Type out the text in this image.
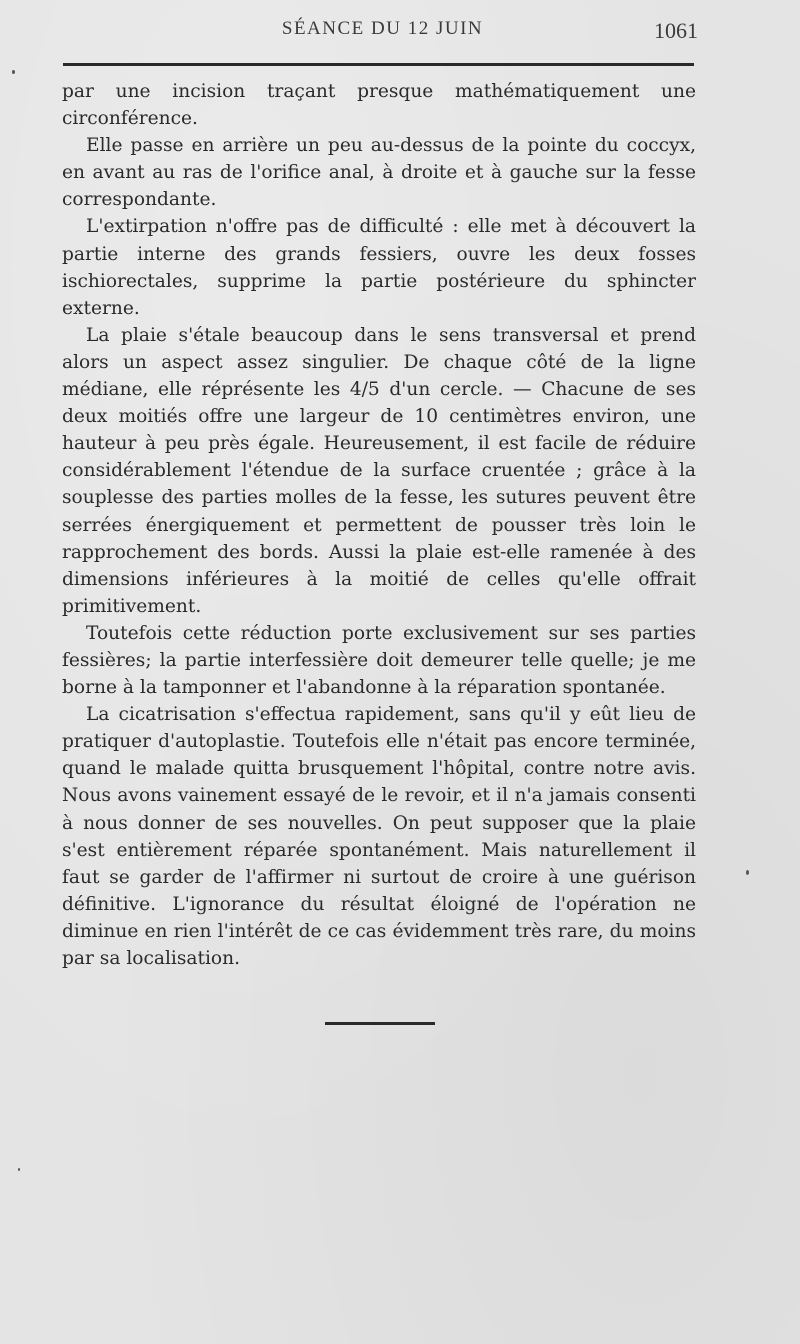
SÉANCE DU 12 JUIN	1061

par une incision traçant presque mathématiquement une circonférence.

Elle passe en arrière un peu au-dessus de la pointe du coccyx, en avant au ras de l'orifice anal, à droite et à gauche sur la fesse correspondante.

L'extirpation n'offre pas de difficulté : elle met à découvert la partie interne des grands fessiers, ouvre les deux fosses ischiorectales, supprime la partie postérieure du sphincter externe.

La plaie s'étale beaucoup dans le sens transversal et prend alors un aspect assez singulier. De chaque côté de la ligne médiane, elle réprésente les 4/5 d'un cercle. — Chacune de ses deux moitiés offre une largeur de 10 centimètres environ, une hauteur à peu près égale. Heureusement, il est facile de réduire considérablement l'étendue de la surface cruentée ; grâce à la souplesse des parties molles de la fesse, les sutures peuvent être serrées énergiquement et permettent de pousser très loin le rapprochement des bords. Aussi la plaie est-elle ramenée à des dimensions inférieures à la moitié de celles qu'elle offrait primitivement.

Toutefois cette réduction porte exclusivement sur ses parties fessières; la partie interfessière doit demeurer telle quelle; je me borne à la tamponner et l'abandonne à la réparation spontanée.

La cicatrisation s'effectua rapidement, sans qu'il y eût lieu de pratiquer d'autoplastie. Toutefois elle n'était pas encore terminée, quand le malade quitta brusquement l'hôpital, contre notre avis. Nous avons vainement essayé de le revoir, et il n'a jamais consenti à nous donner de ses nouvelles. On peut supposer que la plaie s'est entièrement réparée spontanément. Mais naturellement il faut se garder de l'affirmer ni surtout de croire à une guérison définitive. L'ignorance du résultat éloigné de l'opération ne diminue en rien l'intérêt de ce cas évidemment très rare, du moins par sa localisation.
